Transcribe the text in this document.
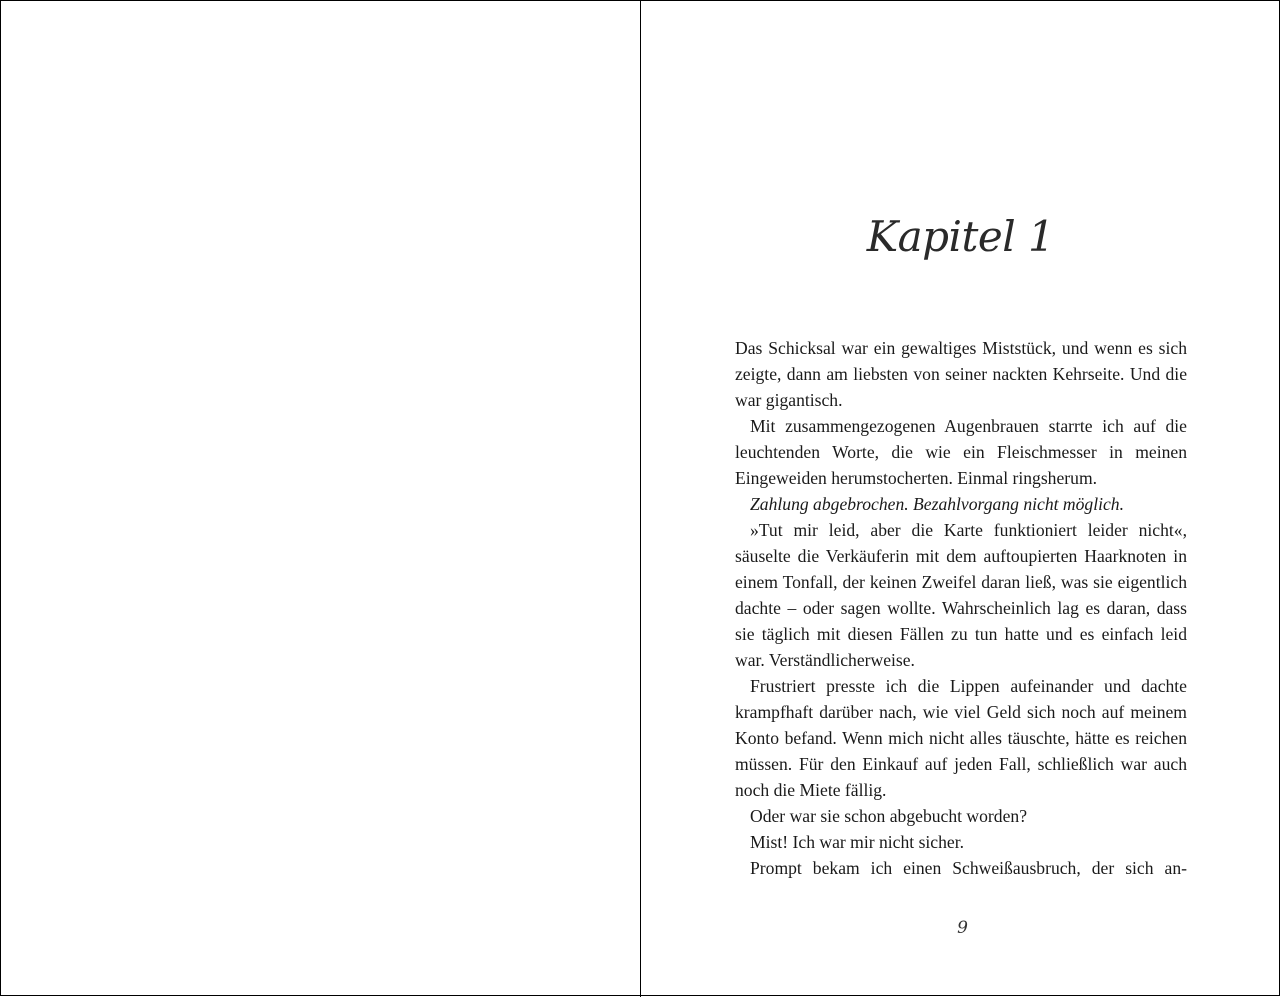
Kapitel 1

Das Schicksal war ein gewaltiges Miststück, und wenn es sich zeigte, dann am liebsten von seiner nackten Kehrseite. Und die war gigantisch.

Mit zusammengezogenen Augenbrauen starrte ich auf die leuchtenden Worte, die wie ein Fleischmesser in meinen Eingeweiden herumstocherten. Einmal ringsherum.

Zahlung abgebrochen. Bezahlvorgang nicht möglich.

»Tut mir leid, aber die Karte funktioniert leider nicht«, säuselte die Verkäuferin mit dem auftoupierten Haarknoten in einem Tonfall, der keinen Zweifel daran ließ, was sie eigentlich dachte – oder sagen wollte. Wahrscheinlich lag es daran, dass sie täglich mit diesen Fällen zu tun hatte und es einfach leid war. Verständlicherweise.

Frustriert presste ich die Lippen aufeinander und dachte krampfhaft darüber nach, wie viel Geld sich noch auf meinem Konto befand. Wenn mich nicht alles täuschte, hätte es reichen müssen. Für den Einkauf auf jeden Fall, schließlich war auch noch die Miete fällig.

Oder war sie schon abgebucht worden?

Mist! Ich war mir nicht sicher.

Prompt bekam ich einen Schweißausbruch, der sich an-

9
